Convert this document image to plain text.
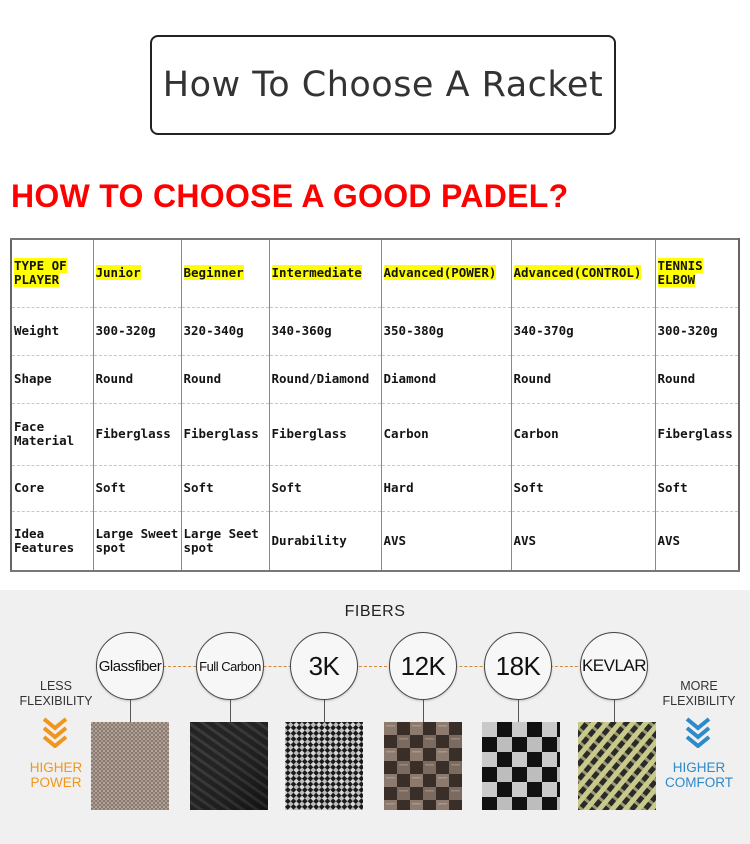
How To Choose A Racket
HOW TO CHOOSE A GOOD PADEL?
TYPE OF PLAYER	Junior	Beginner	Intermediate	Advanced(POWER)	Advanced(CONTROL)	TENNIS ELBOW
Weight	300-320g	320-340g	340-360g	350-380g	340-370g	300-320g
Shape	Round	Round	Round/Diamond	Diamond	Round	Round
Face Material	Fiberglass	Fiberglass	Fiberglass	Carbon	Carbon	Fiberglass
Core	Soft	Soft	Soft	Hard	Soft	Soft
Idea Features	Large Sweet spot	Large Seet spot	Durability	AVS	AVS	AVS
FIBERS
Glassfiber	Full Carbon 3K 12K 18K KEVLAR
LESS FLEXIBILITY
HIGHER POWER
MORE FLEXIBILITY
HIGHER COMFORT
